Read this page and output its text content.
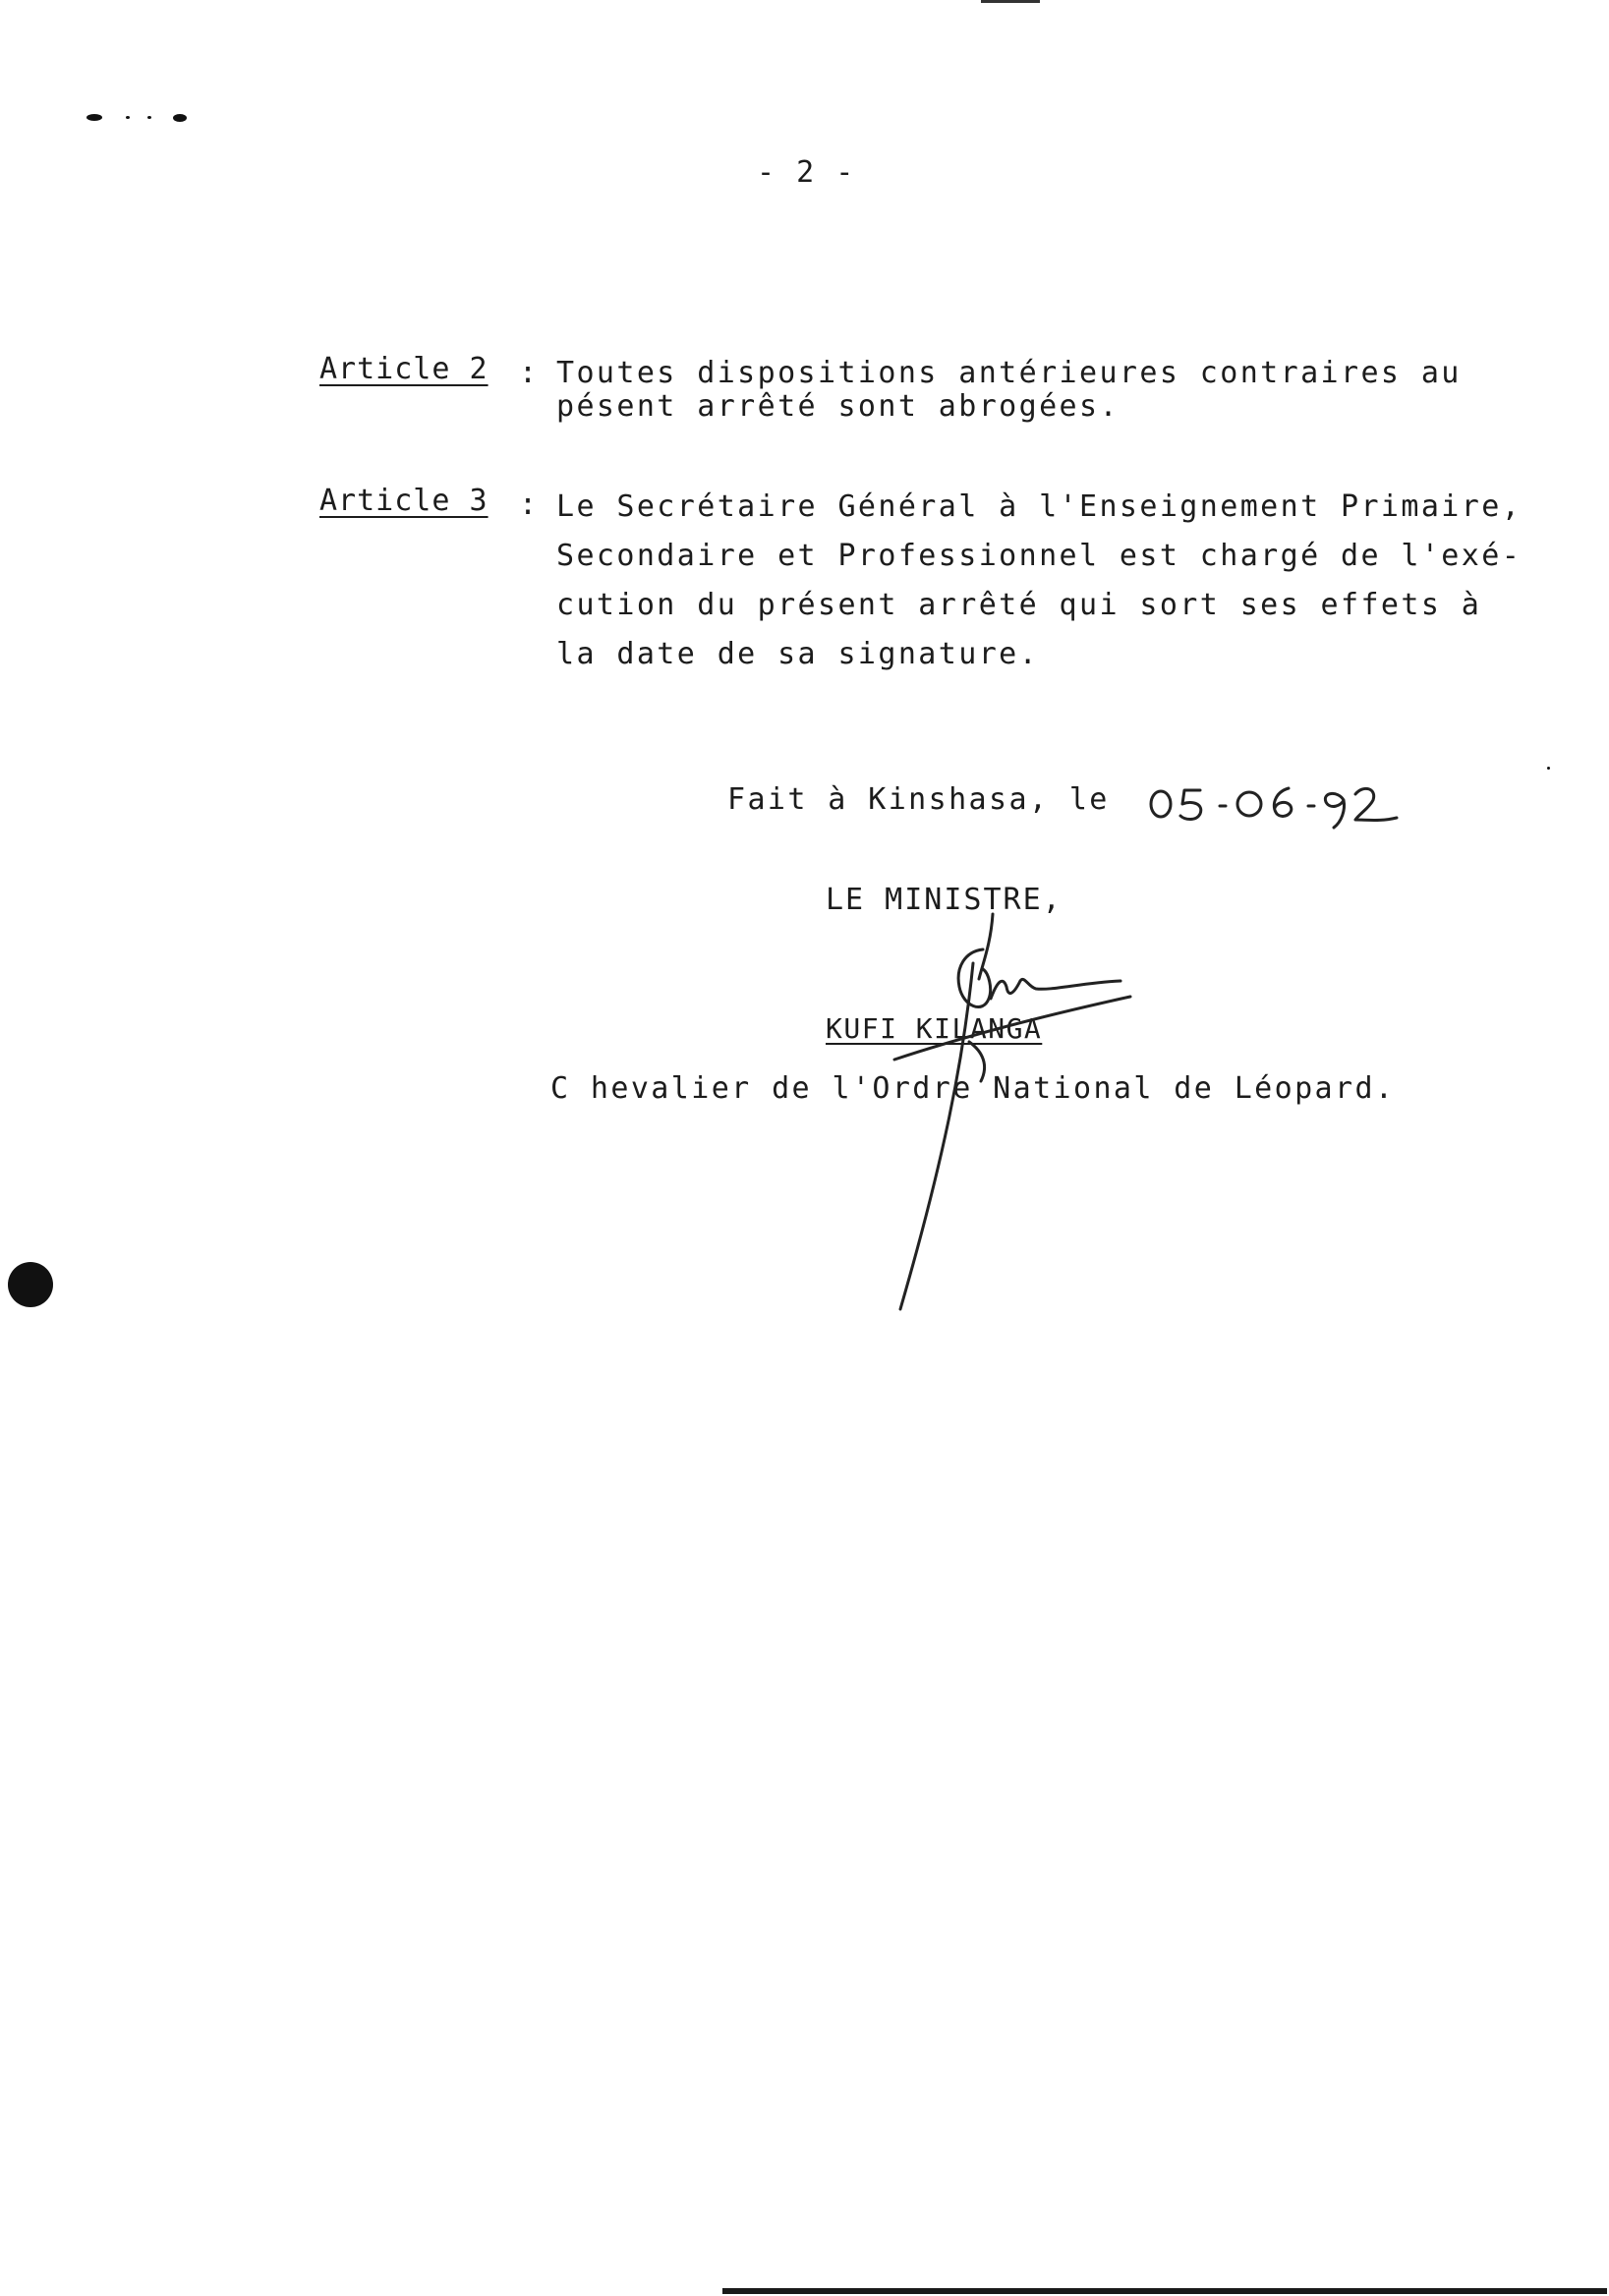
- 2 -
Article 2 : Toutes dispositions antérieures contraires au
pésent arrêté sont abrogées.
Article 3 : Le Secrétaire Général à l'Enseignement Primaire,
Secondaire et Professionnel est chargé de l'exé-
cution du présent arrêté qui sort ses effets à
la date de sa signature.
Fait à Kinshasa, le
LE MINISTRE,
KUFI KILANGA
C hevalier de l'Ordre National de Léopard.
